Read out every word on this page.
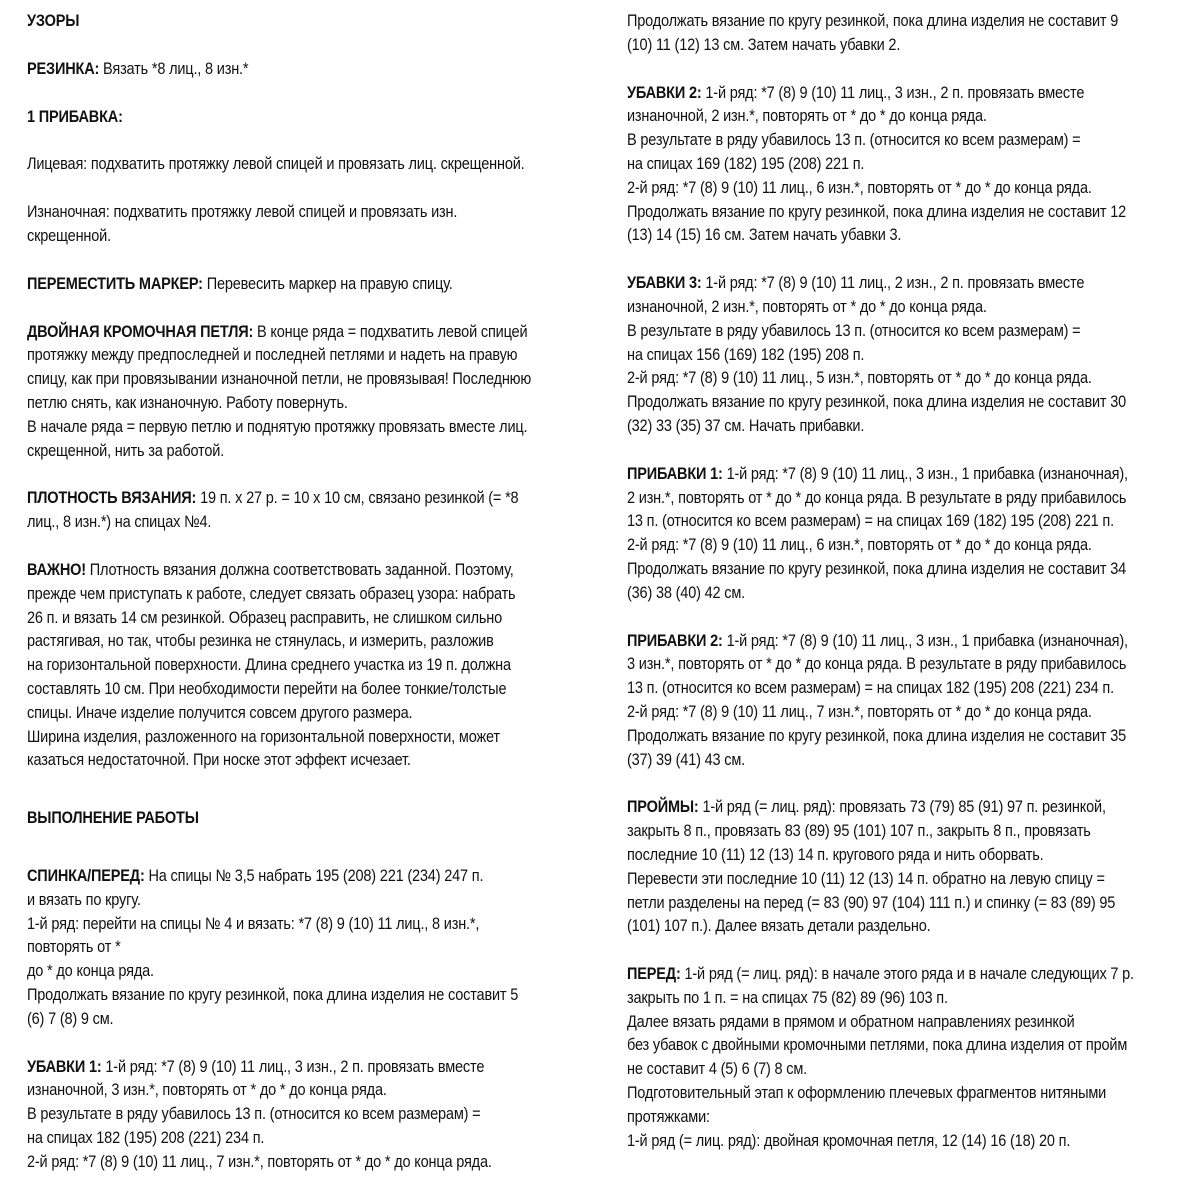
УЗОРЫ
РЕЗИНКА: Вязать *8 лиц., 8 изн.*
1 ПРИБАВКА:
Лицевая: подхватить протяжку левой спицей и провязать лиц. скрещенной.
Изнаночная: подхватить протяжку левой спицей и провязать изн.
скрещенной.
ПЕРЕМЕСТИТЬ МАРКЕР: Перевесить маркер на правую спицу.
ДВОЙНАЯ КРОМОЧНАЯ ПЕТЛЯ: В конце ряда = подхватить левой спицей
протяжку между предпоследней и последней петлями и надеть на правую
спицу, как при провязывании изнаночной петли, не провязывая! Последнюю
петлю снять, как изнаночную. Работу повернуть.
В начале ряда = первую петлю и поднятую протяжку провязать вместе лиц.
скрещенной, нить за работой.
ПЛОТНОСТЬ ВЯЗАНИЯ: 19 п. х 27 р. = 10 х 10 см, связано резинкой (= *8
лиц., 8 изн.*) на спицах №4.
ВАЖНО! Плотность вязания должна соответствовать заданной. Поэтому,
прежде чем приступать к работе, следует связать образец узора: набрать
26 п. и вязать 14 см резинкой. Образец расправить, не слишком сильно
растягивая, но так, чтобы резинка не стянулась, и измерить, разложив
на горизонтальной поверхности. Длина среднего участка из 19 п. должна
составлять 10 см. При необходимости перейти на более тонкие/толстые
спицы. Иначе изделие получится совсем другого размера.
Ширина изделия, разложенного на горизонтальной поверхности, может
казаться недостаточной. При носке этот эффект исчезает.
ВЫПОЛНЕНИЕ РАБОТЫ
СПИНКА/ПЕРЕД: На спицы № 3,5 набрать 195 (208) 221 (234) 247 п.
и вязать по кругу.
1-й ряд: перейти на спицы № 4 и вязать: *7 (8) 9 (10) 11 лиц., 8 изн.*,
повторять от *
до * до конца ряда.
Продолжать вязание по кругу резинкой, пока длина изделия не составит 5
(6) 7 (8) 9 см.
УБАВКИ 1: 1-й ряд: *7 (8) 9 (10) 11 лиц., 3 изн., 2 п. провязать вместе
изнаночной, 3 изн.*, повторять от * до * до конца ряда.
В результате в ряду убавилось 13 п. (относится ко всем размерам) =
на спицах 182 (195) 208 (221) 234 п.
2-й ряд: *7 (8) 9 (10) 11 лиц., 7 изн.*, повторять от * до * до конца ряда.
Продолжать вязание по кругу резинкой, пока длина изделия не составит 9
(10) 11 (12) 13 см. Затем начать убавки 2.
УБАВКИ 2: 1-й ряд: *7 (8) 9 (10) 11 лиц., 3 изн., 2 п. провязать вместе
изнаночной, 2 изн.*, повторять от * до * до конца ряда.
В результате в ряду убавилось 13 п. (относится ко всем размерам) =
на спицах 169 (182) 195 (208) 221 п.
2-й ряд: *7 (8) 9 (10) 11 лиц., 6 изн.*, повторять от * до * до конца ряда.
Продолжать вязание по кругу резинкой, пока длина изделия не составит 12
(13) 14 (15) 16 см. Затем начать убавки 3.
УБАВКИ 3: 1-й ряд: *7 (8) 9 (10) 11 лиц., 2 изн., 2 п. провязать вместе
изнаночной, 2 изн.*, повторять от * до * до конца ряда.
В результате в ряду убавилось 13 п. (относится ко всем размерам) =
на спицах 156 (169) 182 (195) 208 п.
2-й ряд: *7 (8) 9 (10) 11 лиц., 5 изн.*, повторять от * до * до конца ряда.
Продолжать вязание по кругу резинкой, пока длина изделия не составит 30
(32) 33 (35) 37 см. Начать прибавки.
ПРИБАВКИ 1: 1-й ряд: *7 (8) 9 (10) 11 лиц., 3 изн., 1 прибавка (изнаночная),
2 изн.*, повторять от * до * до конца ряда. В результате в ряду прибавилось
13 п. (относится ко всем размерам) = на спицах 169 (182) 195 (208) 221 п.
2-й ряд: *7 (8) 9 (10) 11 лиц., 6 изн.*, повторять от * до * до конца ряда.
Продолжать вязание по кругу резинкой, пока длина изделия не составит 34
(36) 38 (40) 42 см.
ПРИБАВКИ 2: 1-й ряд: *7 (8) 9 (10) 11 лиц., 3 изн., 1 прибавка (изнаночная),
3 изн.*, повторять от * до * до конца ряда. В результате в ряду прибавилось
13 п. (относится ко всем размерам) = на спицах 182 (195) 208 (221) 234 п.
2-й ряд: *7 (8) 9 (10) 11 лиц., 7 изн.*, повторять от * до * до конца ряда.
Продолжать вязание по кругу резинкой, пока длина изделия не составит 35
(37) 39 (41) 43 см.
ПРОЙМЫ: 1-й ряд (= лиц. ряд): провязать 73 (79) 85 (91) 97 п. резинкой,
закрыть 8 п., провязать 83 (89) 95 (101) 107 п., закрыть 8 п., провязать
последние 10 (11) 12 (13) 14 п. кругового ряда и нить оборвать.
Перевести эти последние 10 (11) 12 (13) 14 п. обратно на левую спицу =
петли разделены на перед (= 83 (90) 97 (104) 111 п.) и спинку (= 83 (89) 95
(101) 107 п.). Далее вязать детали раздельно.
ПЕРЕД: 1-й ряд (= лиц. ряд): в начале этого ряда и в начале следующих 7 р.
закрыть по 1 п. = на спицах 75 (82) 89 (96) 103 п.
Далее вязать рядами в прямом и обратном направлениях резинкой
без убавок с двойными кромочными петлями, пока длина изделия от пройм
не составит 4 (5) 6 (7) 8 см.
Подготовительный этап к оформлению плечевых фрагментов нитяными
протяжками:
1-й ряд (= лиц. ряд): двойная кромочная петля, 12 (14) 16 (18) 20 п.
